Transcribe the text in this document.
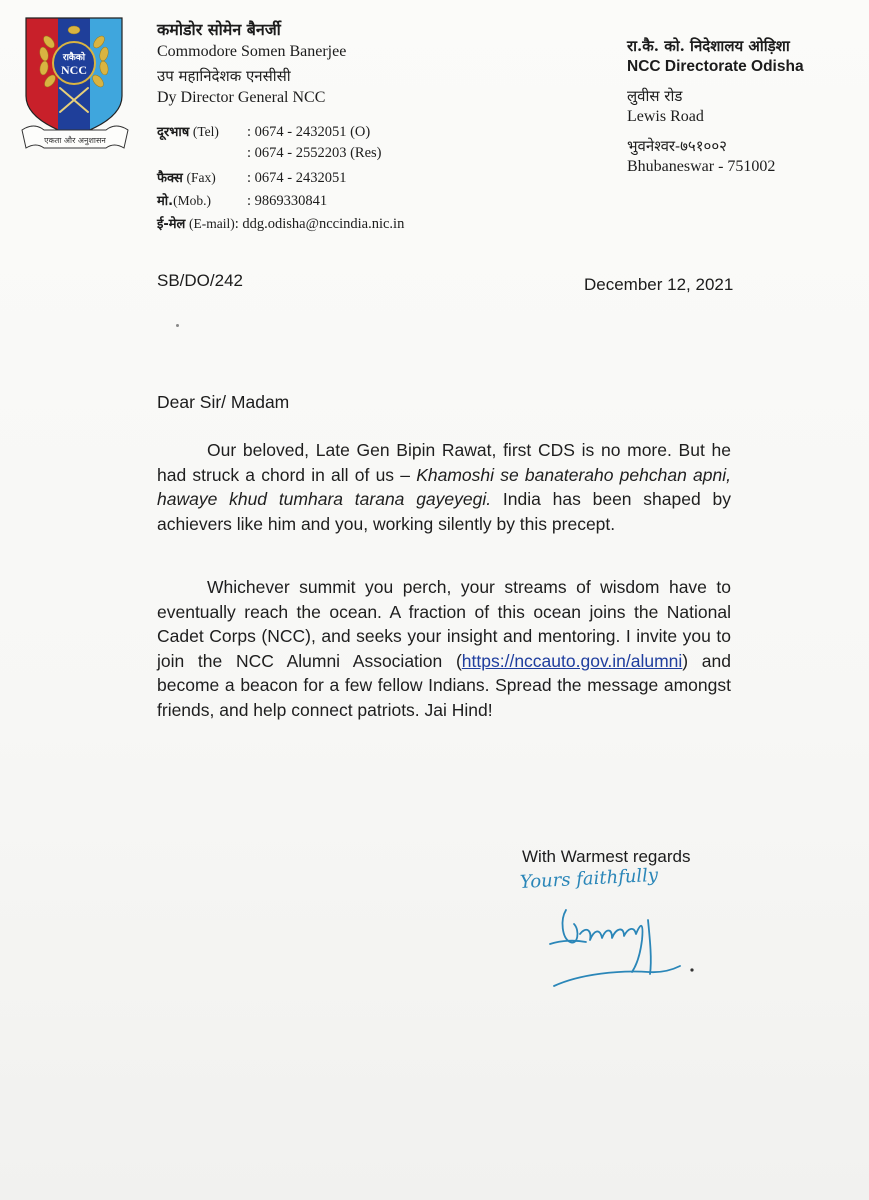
राकैको
NCC
एकता और अनुशासन
कमोडोर सोमेन बैनर्जी
Commodore Somen Banerjee
उप महानिदेशक एनसीसी
Dy Director General NCC
दूरभाष (Tel) : 0674 - 2432051 (O)
: 0674 - 2552203 (Res)
फैक्स (Fax) : 0674 - 2432051
मो.(Mob.) : 9869330841
ई-मेल (E-mail): ddg.odisha@nccindia.nic.in
रा.कै. को. निदेशालय ओड़िशा
NCC Directorate Odisha
लुवीस रोड
Lewis Road
भुवनेश्वर-७५१००२
Bhubaneswar - 751002
SB/DO/242	December 12, 2021
Dear Sir/ Madam
Our beloved, Late Gen Bipin Rawat, first CDS is no more. But he had struck a chord in all of us – Khamoshi se banateraho pehchan apni, hawaye khud tumhara tarana gayeyegi. India has been shaped by achievers like him and you, working silently by this precept.
Whichever summit you perch, your streams of wisdom have to eventually reach the ocean. A fraction of this ocean joins the National Cadet Corps (NCC), and seeks your insight and mentoring. I invite you to join the NCC Alumni Association (https://nccauto.gov.in/alumni) and become a beacon for a few fellow Indians. Spread the message amongst friends, and help connect patriots. Jai Hind!
With Warmest regards
Yours faithfully
